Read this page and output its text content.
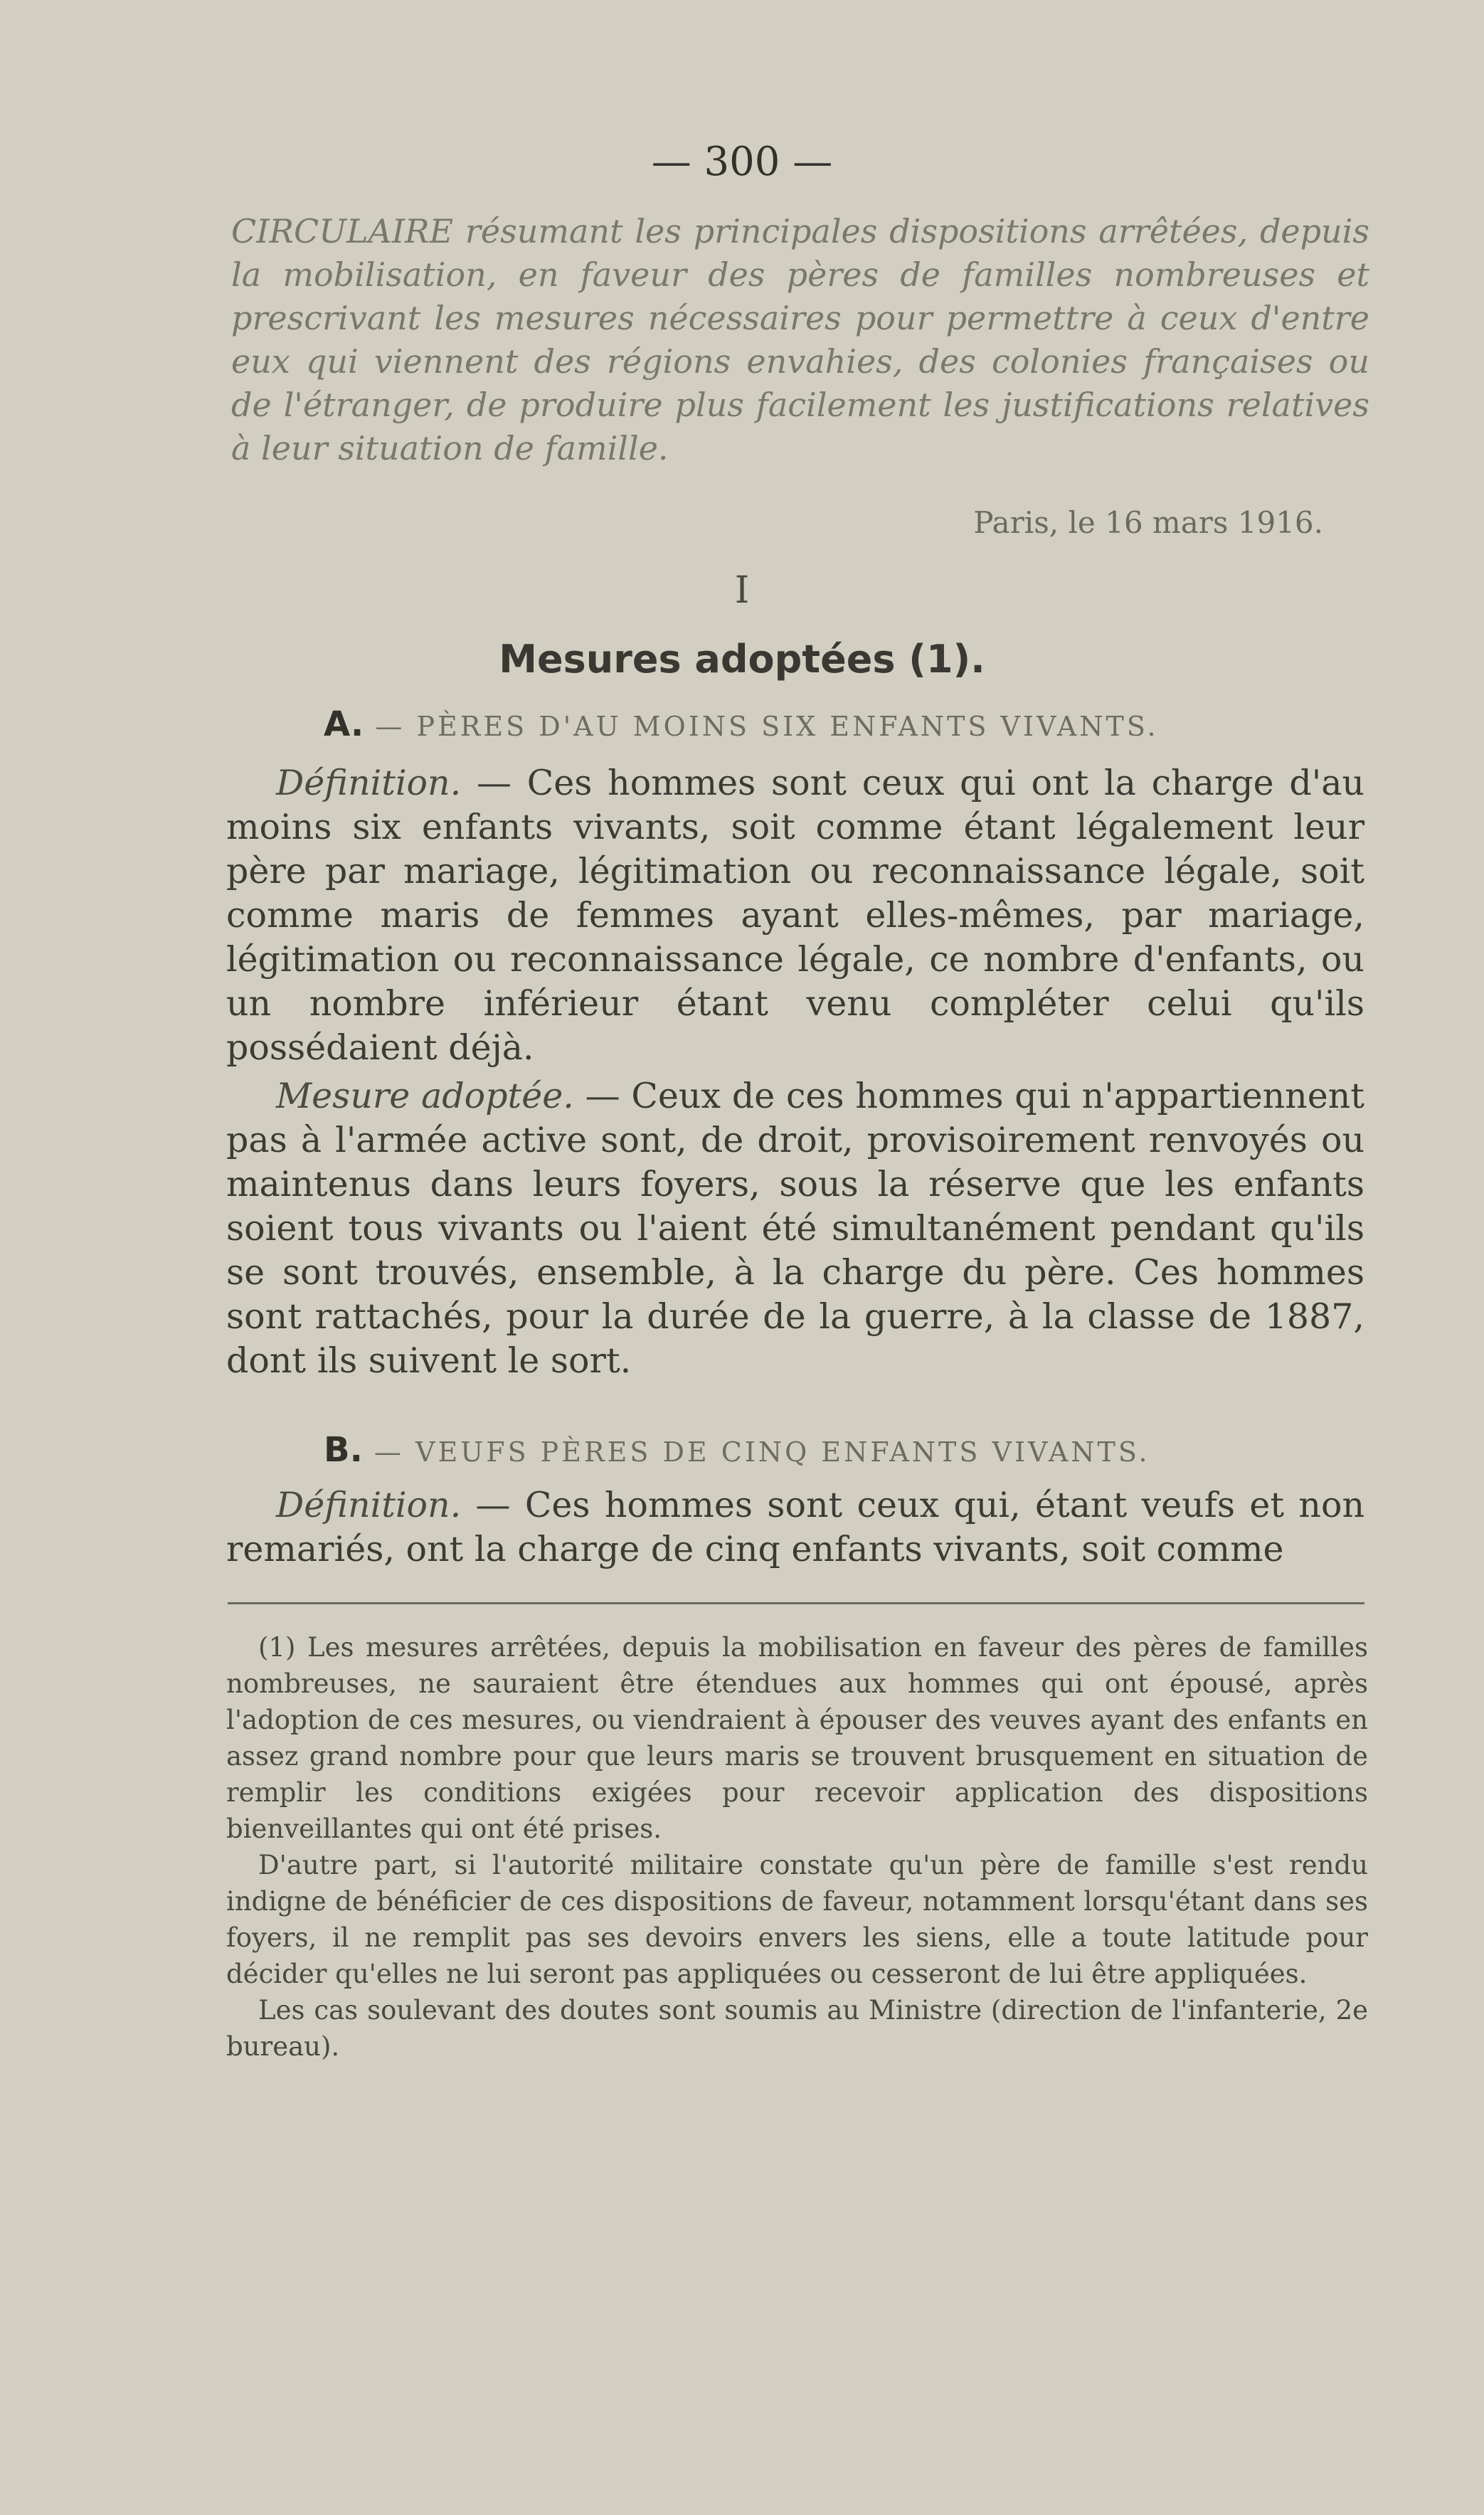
— 300 —
CIRCULAIRE résumant les principales dispositions arrêtées, depuis la mobilisation, en faveur des pères de familles nombreuses et prescrivant les mesures nécessaires pour permettre à ceux d'entre eux qui viennent des régions envahies, des colonies françaises ou de l'étranger, de produire plus facilement les justifications relatives à leur situation de famille.
Paris, le 16 mars 1916.
I
Mesures adoptées (1).
A. — PÈRES D'AU MOINS SIX ENFANTS VIVANTS.
Définition. — Ces hommes sont ceux qui ont la charge d'au moins six enfants vivants, soit comme étant légalement leur père par mariage, légitimation ou reconnaissance légale, soit comme maris de femmes ayant elles-mêmes, par mariage, légitimation ou reconnaissance légale, ce nombre d'enfants, ou un nombre inférieur étant venu compléter celui qu'ils possédaient déjà.
Mesure adoptée. — Ceux de ces hommes qui n'appartiennent pas à l'armée active sont, de droit, provisoirement renvoyés ou maintenus dans leurs foyers, sous la réserve que les enfants soient tous vivants ou l'aient été simultanément pendant qu'ils se sont trouvés, ensemble, à la charge du père. Ces hommes sont rattachés, pour la durée de la guerre, à la classe de 1887, dont ils suivent le sort.
B. — VEUFS PÈRES DE CINQ ENFANTS VIVANTS.
Définition. — Ces hommes sont ceux qui, étant veufs et non remariés, ont la charge de cinq enfants vivants, soit comme

(1) Les mesures arrêtées, depuis la mobilisation en faveur des pères de familles nombreuses, ne sauraient être étendues aux hommes qui ont épousé, après l'adoption de ces mesures, ou viendraient à épouser des veuves ayant des enfants en assez grand nombre pour que leurs maris se trouvent brusquement en situation de remplir les conditions exigées pour recevoir application des dispositions bienveillantes qui ont été prises.

D'autre part, si l'autorité militaire constate qu'un père de famille s'est rendu indigne de bénéficier de ces dispositions de faveur, notamment lorsqu'étant dans ses foyers, il ne remplit pas ses devoirs envers les siens, elle a toute latitude pour décider qu'elles ne lui seront pas appliquées ou cesseront de lui être appliquées.

Les cas soulevant des doutes sont soumis au Ministre (direction de l'infanterie, 2e bureau).
